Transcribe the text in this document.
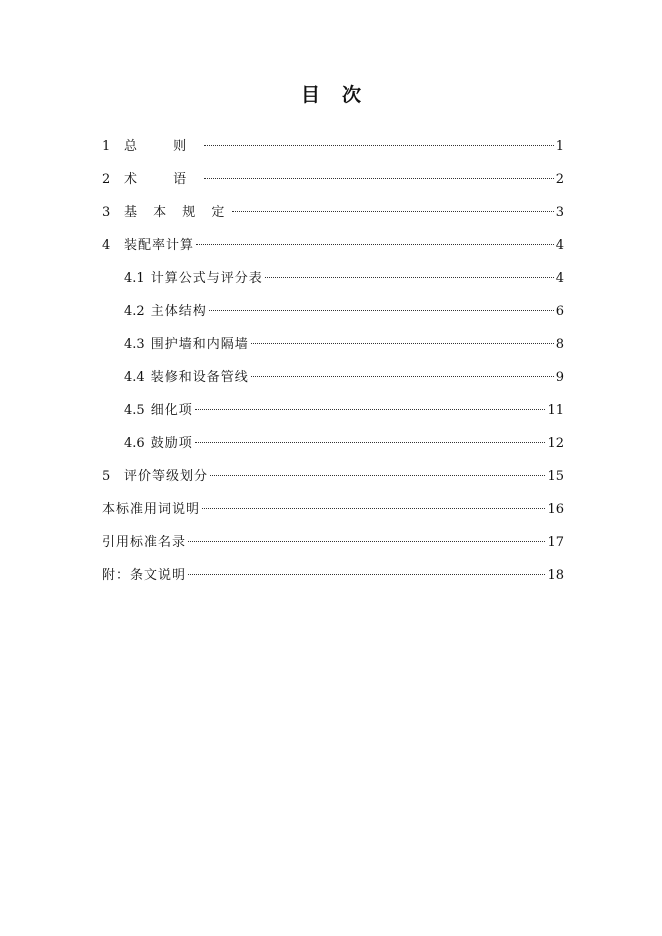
目 次
1	总 则	1
2	术 语	2
3	基 本 规 定	3
4	装配率计算	4
4.1 计算公式与评分表	4
4.2 主体结构	6
4.3 围护墙和内隔墙	8
4.4 装修和设备管线	9
4.5 细化项	11
4.6 鼓励项	12
5	评价等级划分	15
本标准用词说明	16
引用标准名录	17
附：条文说明	18
